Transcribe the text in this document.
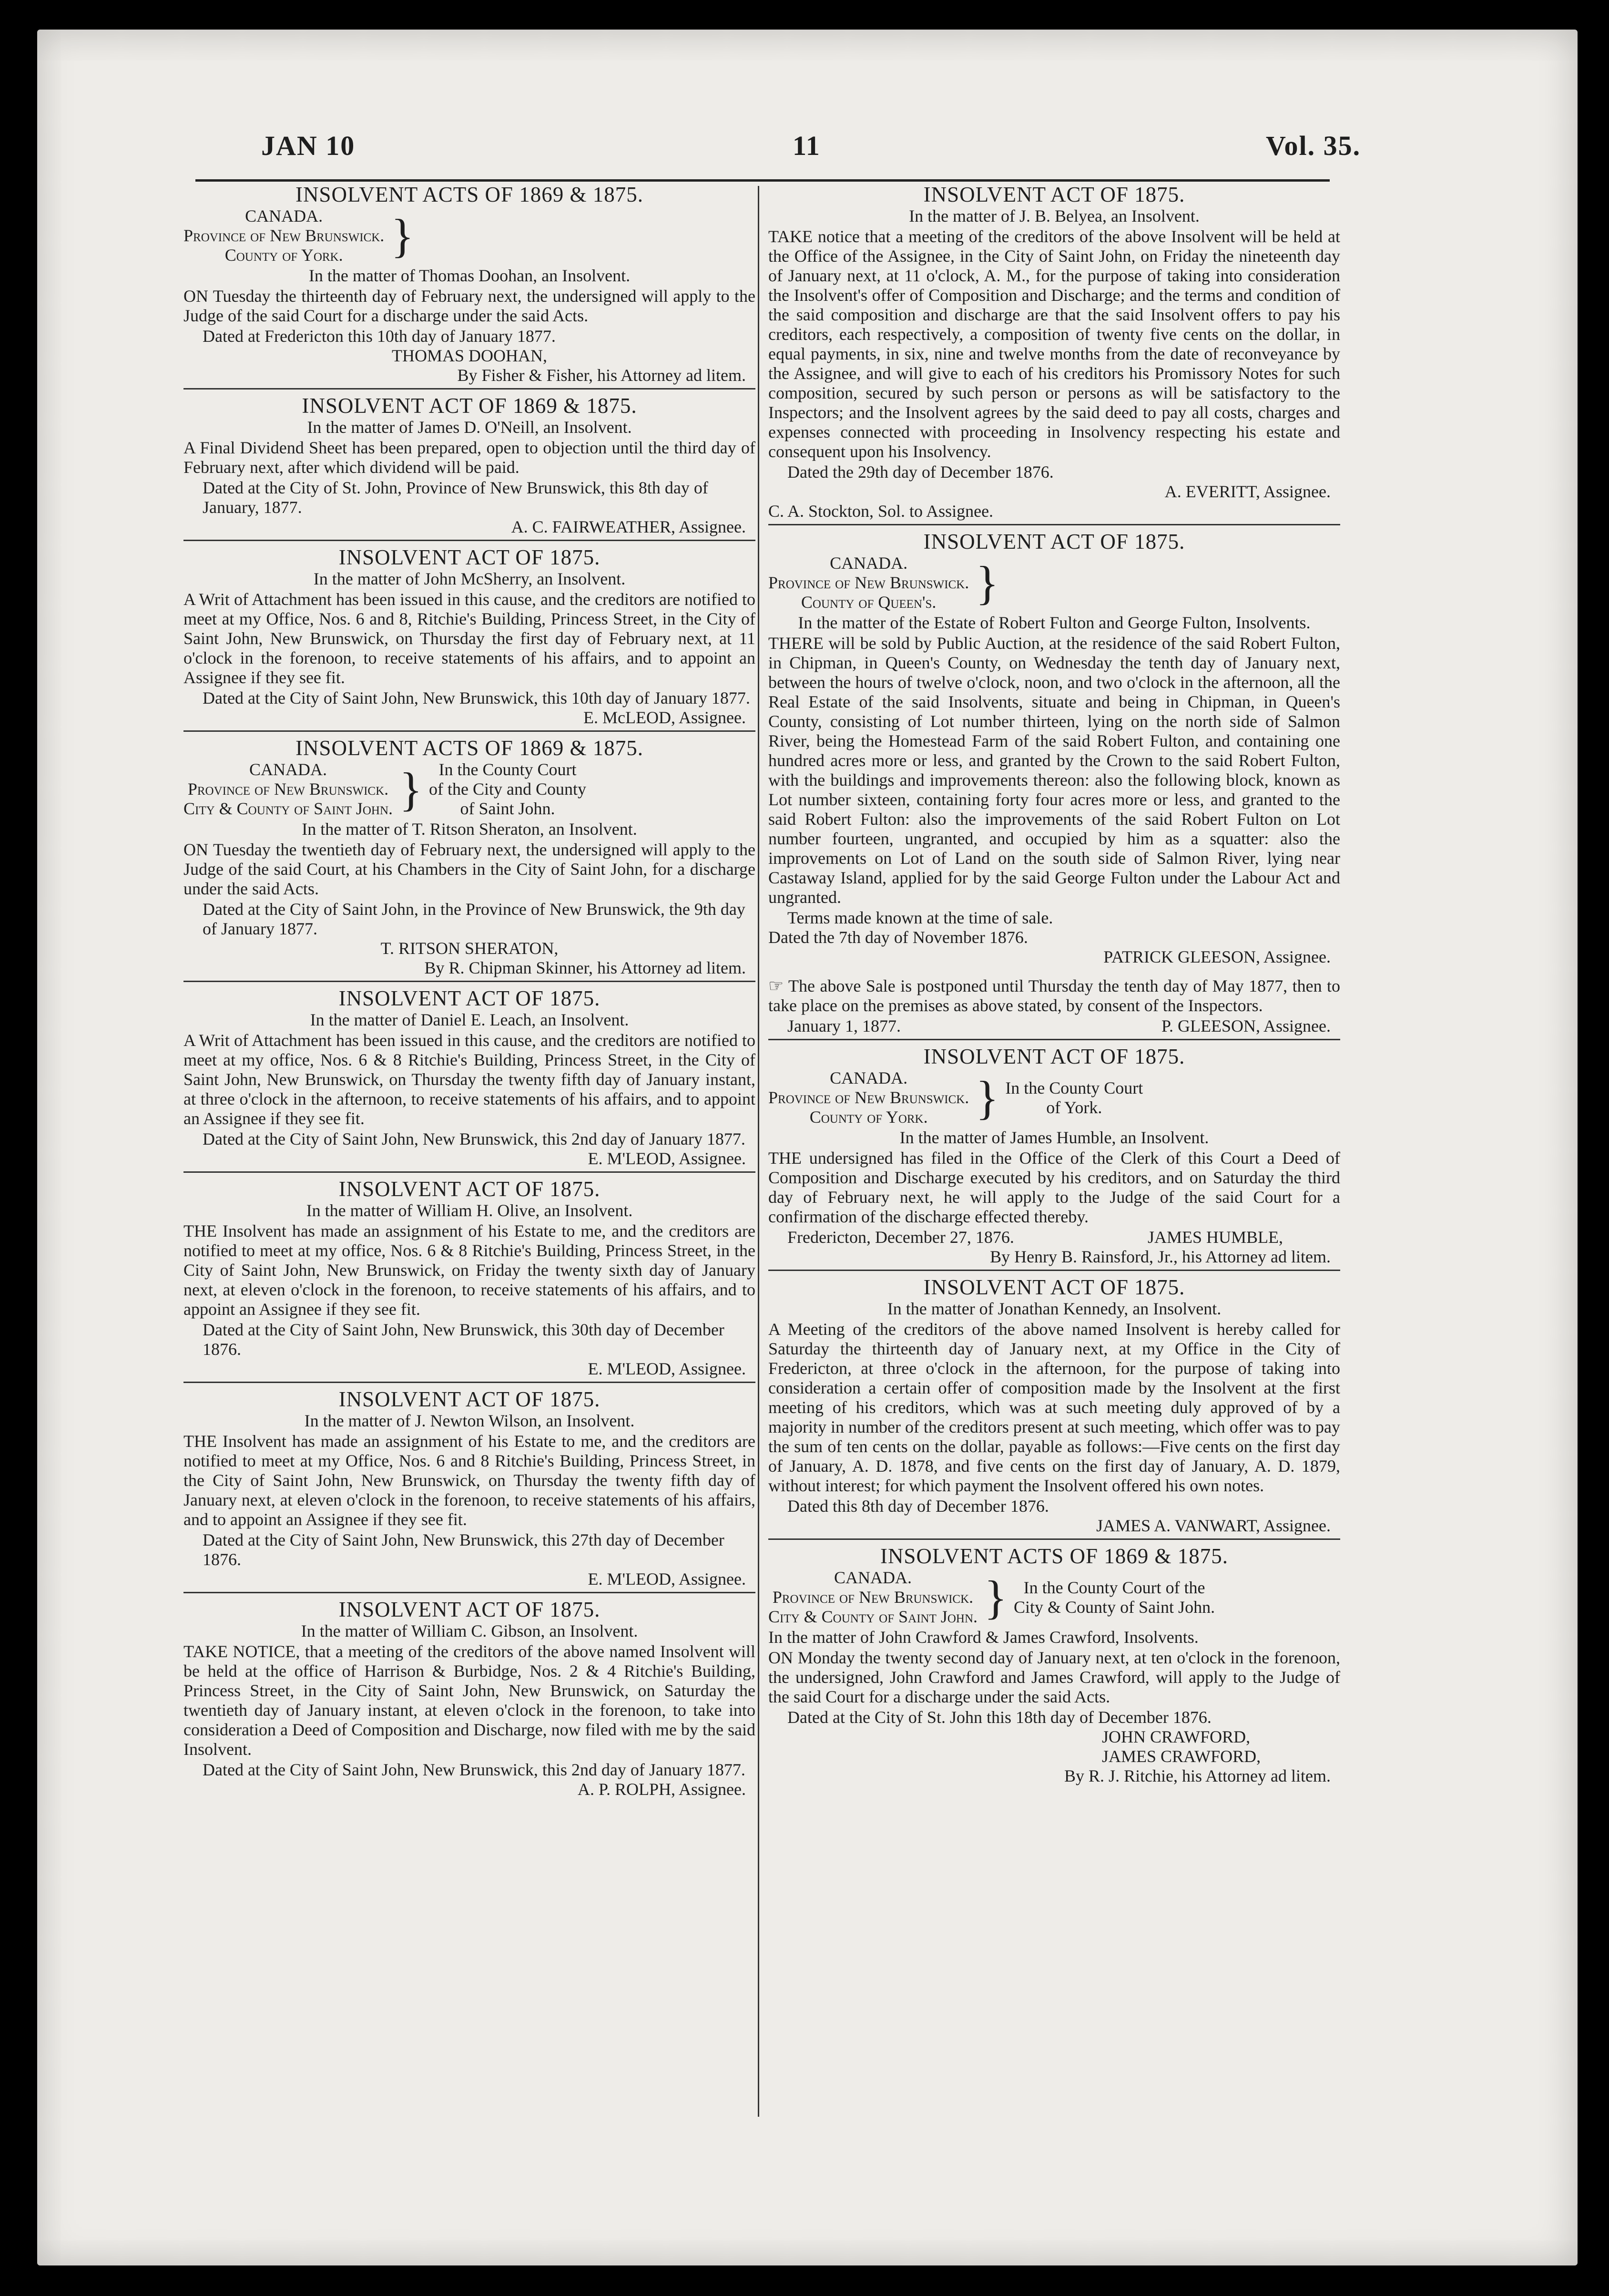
JAN 10	11	Vol. 35.
INSOLVENT ACTS OF 1869 & 1875.
CANADA.
Province of New Brunswick.
County of York.	}
In the matter of Thomas Doohan, an Insolvent.
ON Tuesday the thirteenth day of February next, the undersigned will apply to the Judge of the said Court for a discharge under the said Acts.
Dated at Fredericton this 10th day of January 1877.
THOMAS DOOHAN,
By Fisher & Fisher, his Attorney ad litem.
INSOLVENT ACT OF 1869 & 1875.
In the matter of James D. O'Neill, an Insolvent.
A Final Dividend Sheet has been prepared, open to objection until the third day of February next, after which dividend will be paid.
Dated at the City of St. John, Province of New Brunswick, this 8th day of January, 1877.
A. C. FAIRWEATHER, Assignee.
INSOLVENT ACT OF 1875.
In the matter of John McSherry, an Insolvent.
A Writ of Attachment has been issued in this cause, and the creditors are notified to meet at my Office, Nos. 6 and 8, Ritchie's Building, Princess Street, in the City of Saint John, New Brunswick, on Thursday the first day of February next, at 11 o'clock in the forenoon, to receive statements of his affairs, and to appoint an Assignee if they see fit.
Dated at the City of Saint John, New Brunswick, this 10th day of January 1877.
E. McLEOD, Assignee.
INSOLVENT ACTS OF 1869 & 1875.
CANADA.
Province of New Brunswick.
City & County of Saint John. } In the County Court
of the City and County
of Saint John.
In the matter of T. Ritson Sheraton, an Insolvent.
ON Tuesday the twentieth day of February next, the undersigned will apply to the Judge of the said Court, at his Chambers in the City of Saint John, for a discharge under the said Acts.
Dated at the City of Saint John, in the Province of New Brunswick, the 9th day of January 1877.
T. RITSON SHERATON,
By R. Chipman Skinner, his Attorney ad litem.
INSOLVENT ACT OF 1875.
In the matter of Daniel E. Leach, an Insolvent.
A Writ of Attachment has been issued in this cause, and the creditors are notified to meet at my office, Nos. 6 & 8 Ritchie's Building, Princess Street, in the City of Saint John, New Brunswick, on Thursday the twenty fifth day of January instant, at three o'clock in the afternoon, to receive statements of his affairs, and to appoint an Assignee if they see fit.
Dated at the City of Saint John, New Brunswick, this 2nd day of January 1877.
E. M'LEOD, Assignee.
INSOLVENT ACT OF 1875.
In the matter of William H. Olive, an Insolvent.
THE Insolvent has made an assignment of his Estate to me, and the creditors are notified to meet at my office, Nos. 6 & 8 Ritchie's Building, Princess Street, in the City of Saint John, New Brunswick, on Friday the twenty sixth day of January next, at eleven o'clock in the forenoon, to receive statements of his affairs, and to appoint an Assignee if they see fit.
Dated at the City of Saint John, New Brunswick, this 30th day of December 1876.
E. M'LEOD, Assignee.
INSOLVENT ACT OF 1875.
In the matter of J. Newton Wilson, an Insolvent.
THE Insolvent has made an assignment of his Estate to me, and the creditors are notified to meet at my Office, Nos. 6 and 8 Ritchie's Building, Princess Street, in the City of Saint John, New Brunswick, on Thursday the twenty fifth day of January next, at eleven o'clock in the forenoon, to receive statements of his affairs, and to appoint an Assignee if they see fit.
Dated at the City of Saint John, New Brunswick, this 27th day of December 1876.
E. M'LEOD, Assignee.
INSOLVENT ACT OF 1875.
In the matter of William C. Gibson, an Insolvent.
TAKE NOTICE, that a meeting of the creditors of the above named Insolvent will be held at the office of Harrison & Burbidge, Nos. 2 & 4 Ritchie's Building, Princess Street, in the City of Saint John, New Brunswick, on Saturday the twentieth day of January instant, at eleven o'clock in the forenoon, to take into consideration a Deed of Composition and Discharge, now filed with me by the said Insolvent.
Dated at the City of Saint John, New Brunswick, this 2nd day of January 1877.
A. P. ROLPH, Assignee.
INSOLVENT ACT OF 1875.
In the matter of J. B. Belyea, an Insolvent.
TAKE notice that a meeting of the creditors of the above Insolvent will be held at the Office of the Assignee, in the City of Saint John, on Friday the nineteenth day of January next, at 11 o'clock, A. M., for the purpose of taking into consideration the Insolvent's offer of Composition and Discharge; and the terms and condition of the said composition and discharge are that the said Insolvent offers to pay his creditors, each respectively, a composition of twenty five cents on the dollar, in equal payments, in six, nine and twelve months from the date of reconveyance by the Assignee, and will give to each of his creditors his Promissory Notes for such composition, secured by such person or persons as will be satisfactory to the Inspectors; and the Insolvent agrees by the said deed to pay all costs, charges and expenses connected with proceeding in Insolvency respecting his estate and consequent upon his Insolvency.
Dated the 29th day of December 1876.
A. EVERITT, Assignee.
C. A. Stockton, Sol. to Assignee.
INSOLVENT ACT OF 1875.
CANADA.
Province of New Brunswick.
County of Queen's. }
In the matter of the Estate of Robert Fulton and George Fulton, Insolvents.
THERE will be sold by Public Auction, at the residence of the said Robert Fulton, in Chipman, in Queen's County, on Wednesday the tenth day of January next, between the hours of twelve o'clock, noon, and two o'clock in the afternoon, all the Real Estate of the said Insolvents, situate and being in Chipman, in Queen's County, consisting of Lot number thirteen, lying on the north side of Salmon River, being the Homestead Farm of the said Robert Fulton, and containing one hundred acres more or less, and granted by the Crown to the said Robert Fulton, with the buildings and improvements thereon: also the following block, known as Lot number sixteen, containing forty four acres more or less, and granted to the said Robert Fulton: also the improvements of the said Robert Fulton on Lot number fourteen, ungranted, and occupied by him as a squatter: also the improvements on Lot of Land on the south side of Salmon River, lying near Castaway Island, applied for by the said George Fulton under the Labour Act and ungranted.
Terms made known at the time of sale.
Dated the 7th day of November 1876.
PATRICK GLEESON, Assignee.
☞ The above Sale is postponed until Thursday the tenth day of May 1877, then to take place on the premises as above stated, by consent of the Inspectors.
January 1, 1877.	P. GLEESON, Assignee.
INSOLVENT ACT OF 1875.
CANADA.
Province of New Brunswick.
County of York.	} In the County Court
of York.
In the matter of James Humble, an Insolvent.
THE undersigned has filed in the Office of the Clerk of this Court a Deed of Composition and Discharge executed by his creditors, and on Saturday the third day of February next, he will apply to the Judge of the said Court for a confirmation of the discharge effected thereby.
Fredericton, December 27, 1876.	JAMES HUMBLE,
By Henry B. Rainsford, Jr., his Attorney ad litem.
INSOLVENT ACT OF 1875.
In the matter of Jonathan Kennedy, an Insolvent.
A Meeting of the creditors of the above named Insolvent is hereby called for Saturday the thirteenth day of January next, at my Office in the City of Fredericton, at three o'clock in the afternoon, for the purpose of taking into consideration a certain offer of composition made by the Insolvent at the first meeting of his creditors, which was at such meeting duly approved of by a majority in number of the creditors present at such meeting, which offer was to pay the sum of ten cents on the dollar, payable as follows:—Five cents on the first day of January, A. D. 1878, and five cents on the first day of January, A. D. 1879, without interest; for which payment the Insolvent offered his own notes.
Dated this 8th day of December 1876.
JAMES A. VANWART, Assignee.
INSOLVENT ACTS OF 1869 & 1875.
CANADA.
Province of New Brunswick.
City & County of Saint John. } In the County Court of the
City & County of Saint John.
In the matter of John Crawford & James Crawford, Insolvents.
ON Monday the twenty second day of January next, at ten o'clock in the forenoon, the undersigned, John Crawford and James Crawford, will apply to the Judge of the said Court for a discharge under the said Acts.
Dated at the City of St. John this 18th day of December 1876.
JOHN CRAWFORD,
JAMES CRAWFORD,
By R. J. Ritchie, his Attorney ad litem.
